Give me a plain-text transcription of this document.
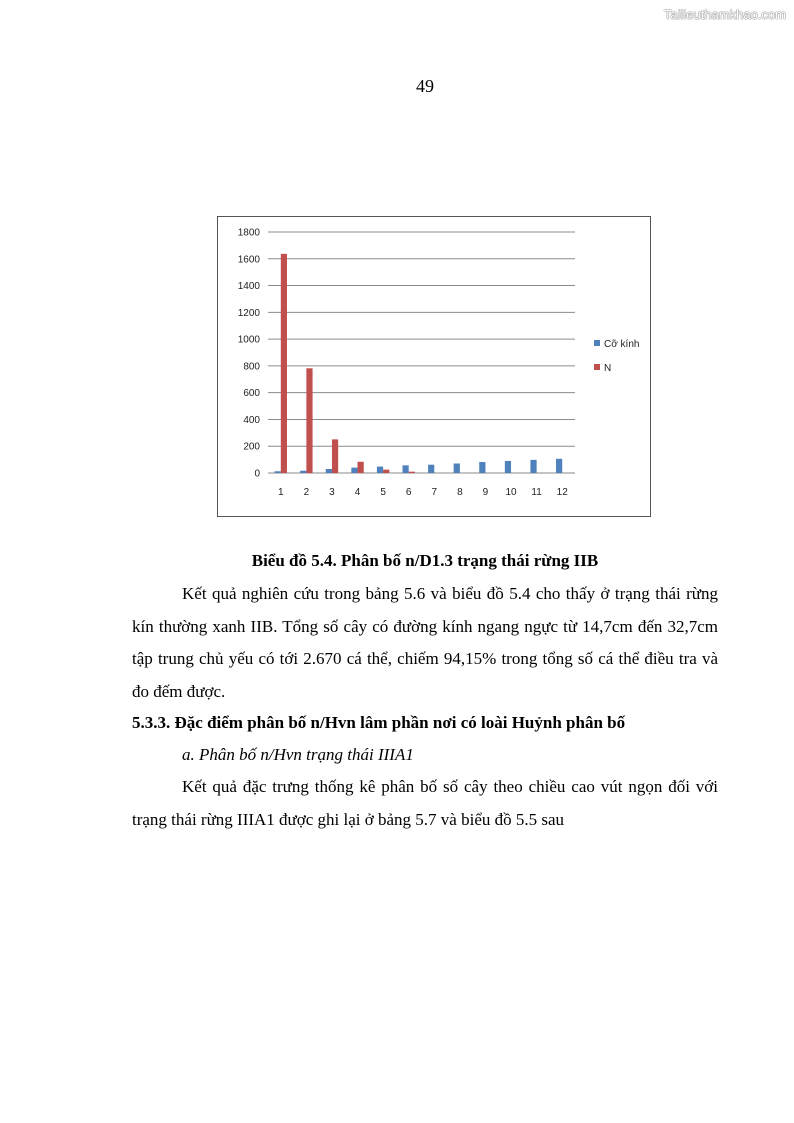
Tailieuthamkhao.com
49
0
200
400
600
800
1000
1200
1400
1600
1800
1 2 3 4 5 6 7 8 9 10 11 12
Cỡ kính
N
Biểu đồ 5.4. Phân bố n/D1.3 trạng thái rừng IIB
Kết quả nghiên cứu trong bảng 5.6 và biểu đồ 5.4 cho thấy ở trạng thái rừng kín thường xanh IIB. Tổng số cây có đường kính ngang ngực từ 14,7cm đến 32,7cm tập trung chủ yếu có tới 2.670 cá thể, chiếm 94,15% trong tổng số cá thể điều tra và đo đếm được.
5.3.3. Đặc điểm phân bố n/Hvn lâm phần nơi có loài Huỷnh phân bố
a. Phân bố n/Hvn trạng thái IIIA1
Kết quả đặc trưng thống kê phân bố số cây theo chiều cao vút ngọn đối với trạng thái rừng IIIA1 được ghi lại ở bảng 5.7 và biểu đồ 5.5 sau
